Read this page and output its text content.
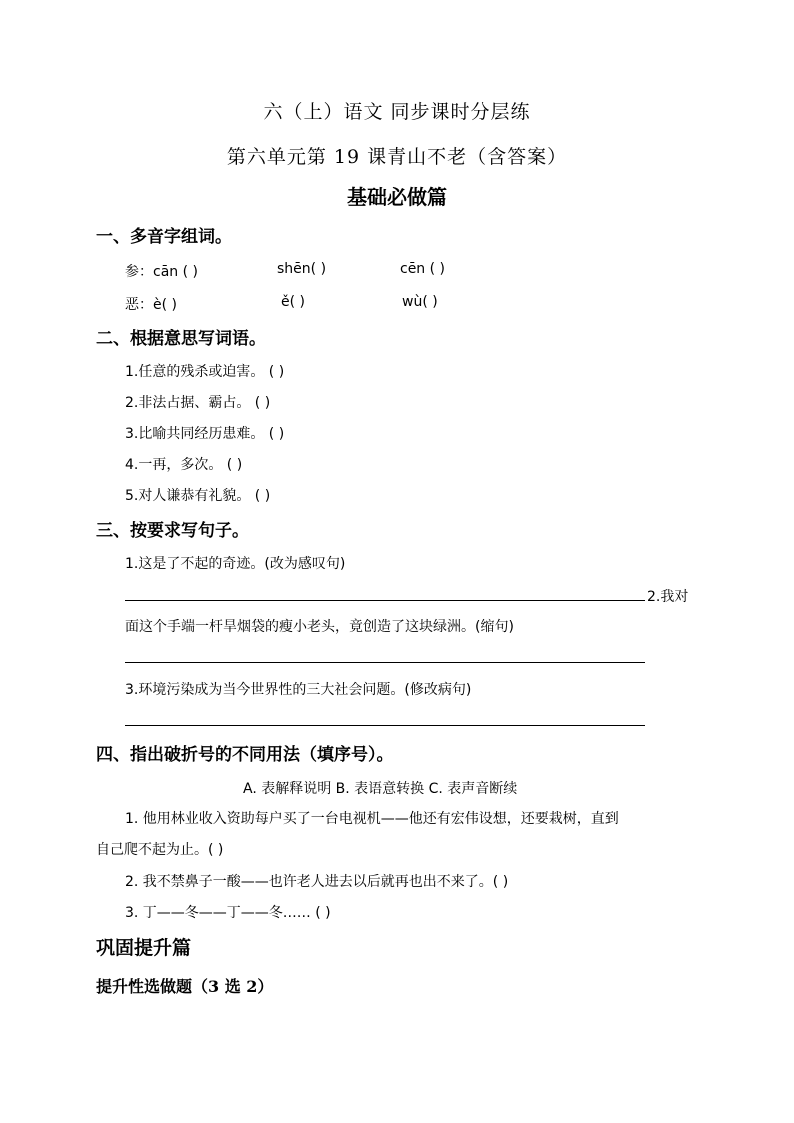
六（上）语文 同步课时分层练
第六单元第 19 课青山不老（含答案）
基础必做篇
一、多音字组词。
参：cān ( )	shēn( )	cēn ( )
恶：è( )	ě( )	wù( )
二、根据意思写词语。
1.任意的残杀或迫害。 ( )
2.非法占据、霸占。 ( )
3.比喻共同经历患难。 ( )
4.一再，多次。 ( )
5.对人谦恭有礼貌。 ( )
三、按要求写句子。
1.这是了不起的奇迹。(改为感叹句)
2.我对
面这个手端一杆旱烟袋的瘦小老头，竟创造了这块绿洲。(缩句)
3.环境污染成为当今世界性的三大社会问题。(修改病句)
四、指出破折号的不同用法（填序号）。
A. 表解释说明 B. 表语意转换 C. 表声音断续
1. 他用林业收入资助每户买了一台电视机——他还有宏伟设想，还要栽树，直到
自己爬不起为止。( )
2. 我不禁鼻子一酸——也许老人进去以后就再也出不来了。( )
3. 丁——冬——丁——冬…… ( )
巩固提升篇
提升性选做题（3 选 2）
